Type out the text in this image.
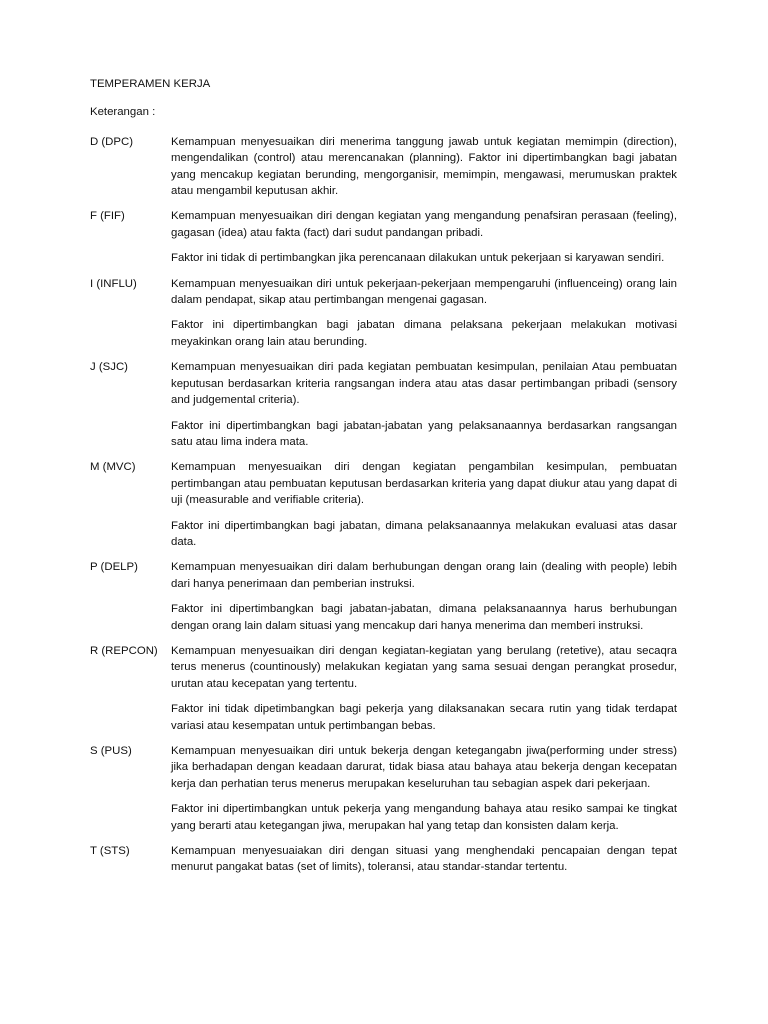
TEMPERAMEN KERJA
Keterangan :
D (DPC)	Kemampuan menyesuaikan diri menerima tanggung jawab untuk kegiatan memimpin (direction), mengendalikan (control) atau merencanakan (planning). Faktor ini dipertimbangkan bagi jabatan yang mencakup kegiatan berunding, mengorganisir, memimpin, mengawasi, merumuskan praktek atau mengambil keputusan akhir.

F (FIF)	Kemampuan menyesuaikan diri dengan kegiatan yang mengandung penafsiran perasaan (feeling), gagasan (idea) atau fakta (fact) dari sudut pandangan pribadi.

Faktor ini tidak di pertimbangkan jika perencanaan dilakukan untuk pekerjaan si karyawan sendiri.

I (INFLU)	Kemampuan menyesuaikan diri untuk pekerjaan-pekerjaan mempengaruhi (influenceing) orang lain dalam pendapat, sikap atau pertimbangan mengenai gagasan.

Faktor ini dipertimbangkan bagi jabatan dimana pelaksana pekerjaan melakukan motivasi meyakinkan orang lain atau berunding.

J (SJC)	Kemampuan menyesuaikan diri pada kegiatan pembuatan kesimpulan, penilaian Atau pembuatan keputusan berdasarkan kriteria rangsangan indera atau atas dasar pertimbangan pribadi (sensory and judgemental criteria).

Faktor ini dipertimbangkan bagi jabatan-jabatan yang pelaksanaannya berdasarkan rangsangan satu atau lima indera mata.

M (MVC)	Kemampuan menyesuaikan diri dengan kegiatan pengambilan kesimpulan, pembuatan pertimbangan atau pembuatan keputusan berdasarkan kriteria yang dapat diukur atau yang dapat di uji (measurable and verifiable criteria).

Faktor ini dipertimbangkan bagi jabatan, dimana pelaksanaannya melakukan evaluasi atas dasar data.

P (DELP)	Kemampuan menyesuaikan diri dalam berhubungan dengan orang lain (dealing with people) lebih dari hanya penerimaan dan pemberian instruksi.

Faktor ini dipertimbangkan bagi jabatan-jabatan, dimana pelaksanaannya harus berhubungan dengan orang lain dalam situasi yang mencakup dari hanya menerima dan memberi instruksi.

R (REPCON)	Kemampuan menyesuaikan diri dengan kegiatan-kegiatan yang berulang (retetive), atau secaqra terus menerus (countinously) melakukan kegiatan yang sama sesuai dengan perangkat prosedur, urutan atau kecepatan yang tertentu.

Faktor ini tidak dipetimbangkan bagi pekerja yang dilaksanakan secara rutin yang tidak terdapat variasi atau kesempatan untuk pertimbangan bebas.

S (PUS)	Kemampuan menyesuaikan diri untuk bekerja dengan ketegangabn jiwa(performing under stress) jika berhadapan dengan keadaan darurat, tidak biasa atau bahaya atau bekerja dengan kecepatan kerja dan perhatian terus menerus merupakan keseluruhan tau sebagian aspek dari pekerjaan.

Faktor ini dipertimbangkan untuk pekerja yang mengandung bahaya atau resiko sampai ke tingkat yang berarti atau ketegangan jiwa, merupakan hal yang tetap dan konsisten dalam kerja.

T (STS)	Kemampuan menyesuaiakan diri dengan situasi yang menghendaki pencapaian dengan tepat menurut pangakat batas (set of limits), toleransi, atau standar-standar tertentu.
